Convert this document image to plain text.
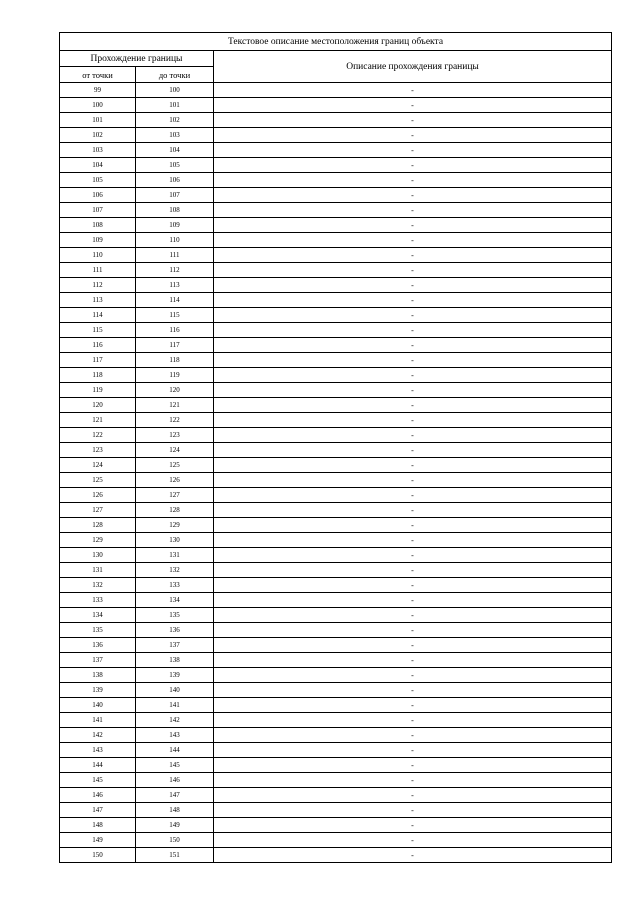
Текстовое описание местоположения границ объекта		
Прохождение границы		Описание прохождения границы
от точки	до точки	
99	100	-
100	101	-
101	102	-
102	103	-
103	104	-
104	105	-
105	106	-
106	107	-
107	108	-
108	109	-
109	110	-
110	111	-
111	112	-
112	113	-
113	114	-
114	115	-
115	116	-
116	117	-
117	118	-
118	119	-
119	120	-
120	121	-
121	122	-
122	123	-
123	124	-
124	125	-
125	126	-
126	127	-
127	128	-
128	129	-
129	130	-
130	131	-
131	132	-
132	133	-
133	134	-
134	135	-
135	136	-
136	137	-
137	138	-
138	139	-
139	140	-
140	141	-
141	142	-
142	143	-
143	144	-
144	145	-
145	146	-
146	147	-
147	148	-
148	149	-
149	150	-
150	151	-
